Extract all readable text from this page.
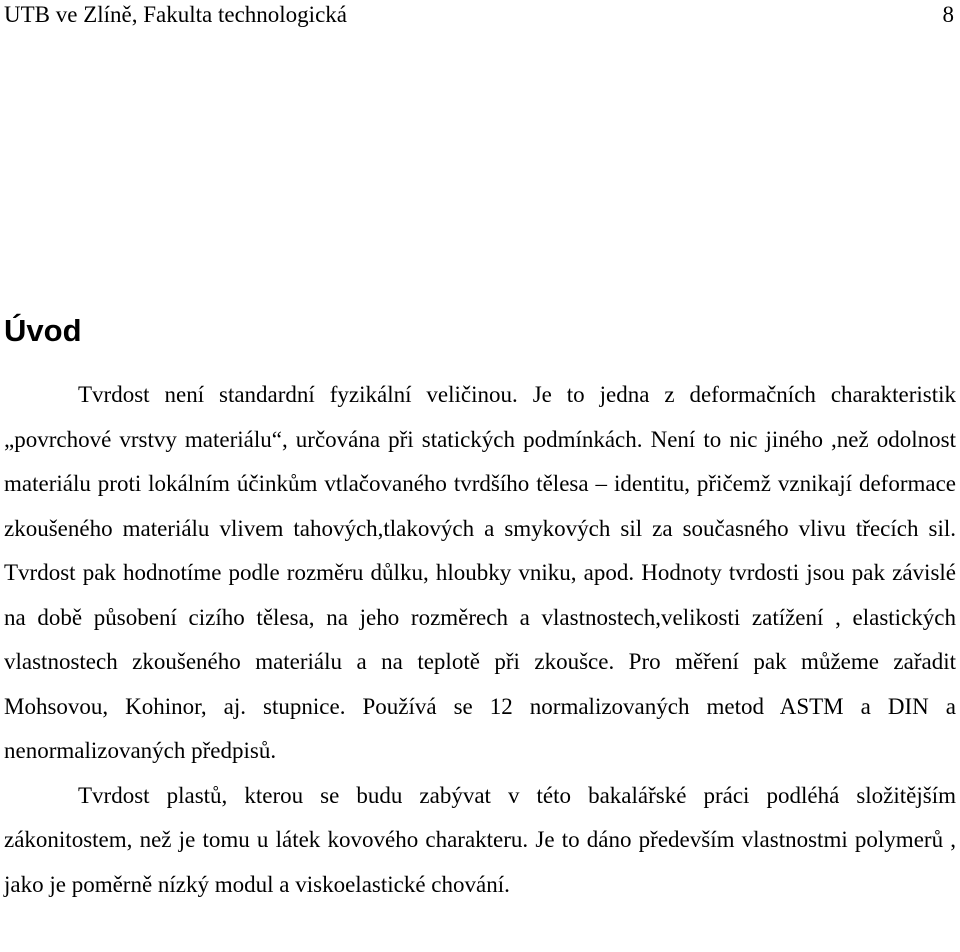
UTB ve Zlíně, Fakulta technologická	8
Úvod

Tvrdost není standardní fyzikální veličinou. Je to jedna z deformačních charakteristik „povrchové vrstvy materiálu“, určována při statických podmínkách. Není to nic jiného ,než odolnost materiálu proti lokálním účinkům vtlačovaného tvrdšího tělesa – identitu, přičemž vznikají deformace zkoušeného materiálu vlivem tahových,tlakových a smykových sil za současného vlivu třecích sil. Tvrdost pak hodnotíme podle rozměru důlku, hloubky vniku, apod. Hodnoty tvrdosti jsou pak závislé na době působení cizího tělesa, na jeho rozměrech a vlastnostech,velikosti zatížení , elastických vlastnostech zkoušeného materiálu a na teplotě při zkoušce. Pro měření pak můžeme zařadit Mohsovou, Kohinor, aj. stupnice. Používá se 12 normalizovaných metod ASTM a DIN a nenormalizovaných předpisů.

Tvrdost plastů, kterou se budu zabývat v této bakalářské práci podléhá složitějším zákonitostem, než je tomu u látek kovového charakteru. Je to dáno především vlastnostmi polymerů , jako je poměrně nízký modul a viskoelastické chování.
